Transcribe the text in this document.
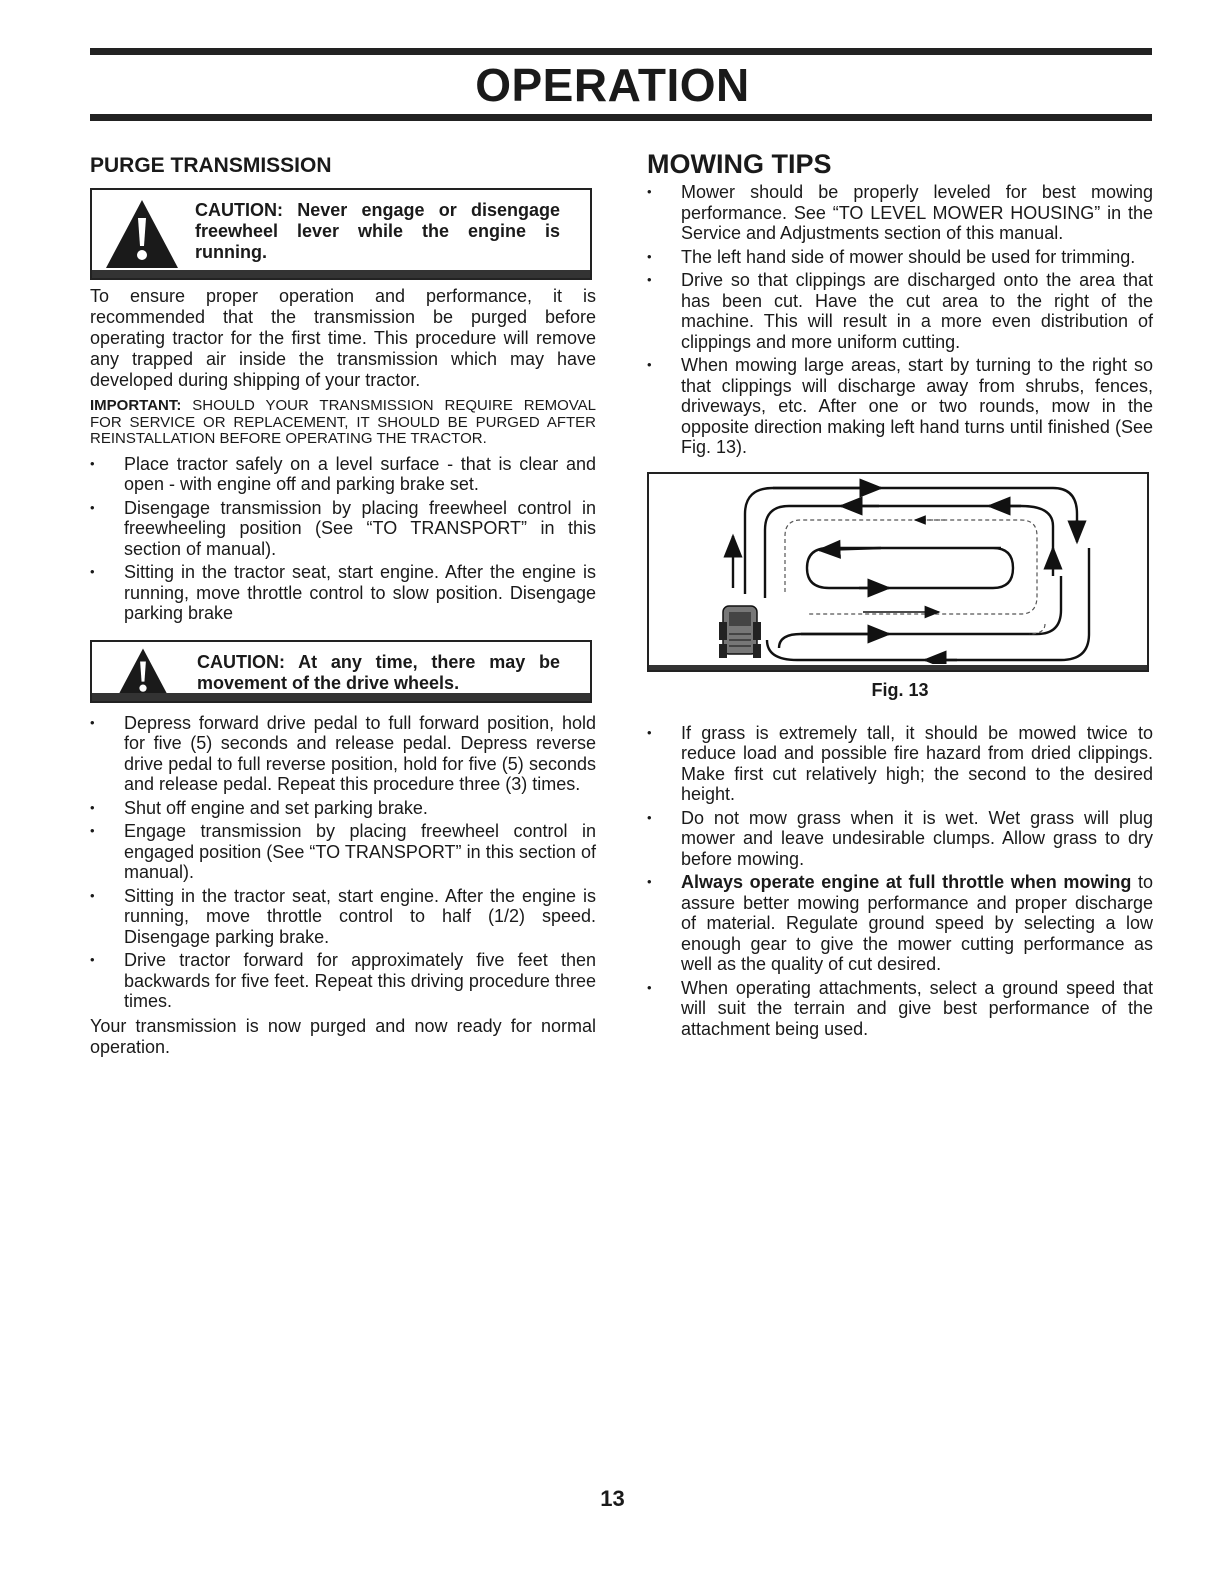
OPERATION
PURGE TRANSMISSION
CAUTION: Never engage or disengage freewheel lever while the engine is running.

To ensure proper operation and performance, it is recommended that the transmission be purged before operating tractor for the first time. This procedure will remove any trapped air inside the transmission which may have developed during shipping of your tractor.

IMPORTANT: SHOULD YOUR TRANSMISSION REQUIRE REMOVAL FOR SERVICE OR REPLACEMENT, IT SHOULD BE PURGED AFTER REINSTALLATION BEFORE OPERATING THE TRACTOR.

• Place tractor safely on a level surface - that is clear and open - with engine off and parking brake set.
• Disengage transmission by placing freewheel control in freewheeling position (See “TO TRANSPORT” in this section of manual).
• Sitting in the tractor seat, start engine. After the engine is running, move throttle control to slow position. Disengage parking brake
CAUTION: At any time, there may be movement of the drive wheels.
• Depress forward drive pedal to full forward position, hold for five (5) seconds and release pedal. Depress reverse drive pedal to full reverse position, hold for five (5) seconds and release pedal. Repeat this procedure three (3) times.
• Shut off engine and set parking brake.
• Engage transmission by placing freewheel control in engaged position (See “TO TRANSPORT” in this section of manual).
• Sitting in the tractor seat, start engine. After the engine is running, move throttle control to half (1/2) speed. Disengage parking brake.
• Drive tractor forward for approximately five feet then backwards for five feet. Repeat this driving procedure three times.

Your transmission is now purged and now ready for normal operation.

MOWING TIPS
• Mower should be properly leveled for best mowing performance. See “TO LEVEL MOWER HOUSING” in the Service and Adjustments section of this manual.
• The left hand side of mower should be used for trimming.
• Drive so that clippings are discharged onto the area that has been cut. Have the cut area to the right of the machine. This will result in a more even distribution of clippings and more uniform cutting.
• When mowing large areas, start by turning to the right so that clippings will discharge away from shrubs, fences, driveways, etc. After one or two rounds, mow in the opposite direction making left hand turns until finished (See Fig. 13).
Fig. 13
• If grass is extremely tall, it should be mowed twice to reduce load and possible fire hazard from dried clippings. Make first cut relatively high; the second to the desired height.
• Do not mow grass when it is wet. Wet grass will plug mower and leave undesirable clumps. Allow grass to dry before mowing.
• Always operate engine at full throttle when mowing to assure better mowing performance and proper discharge of material. Regulate ground speed by selecting a low enough gear to give the mower cutting performance as well as the quality of cut desired.
• When operating attachments, select a ground speed that will suit the terrain and give best performance of the attachment being used.
13
